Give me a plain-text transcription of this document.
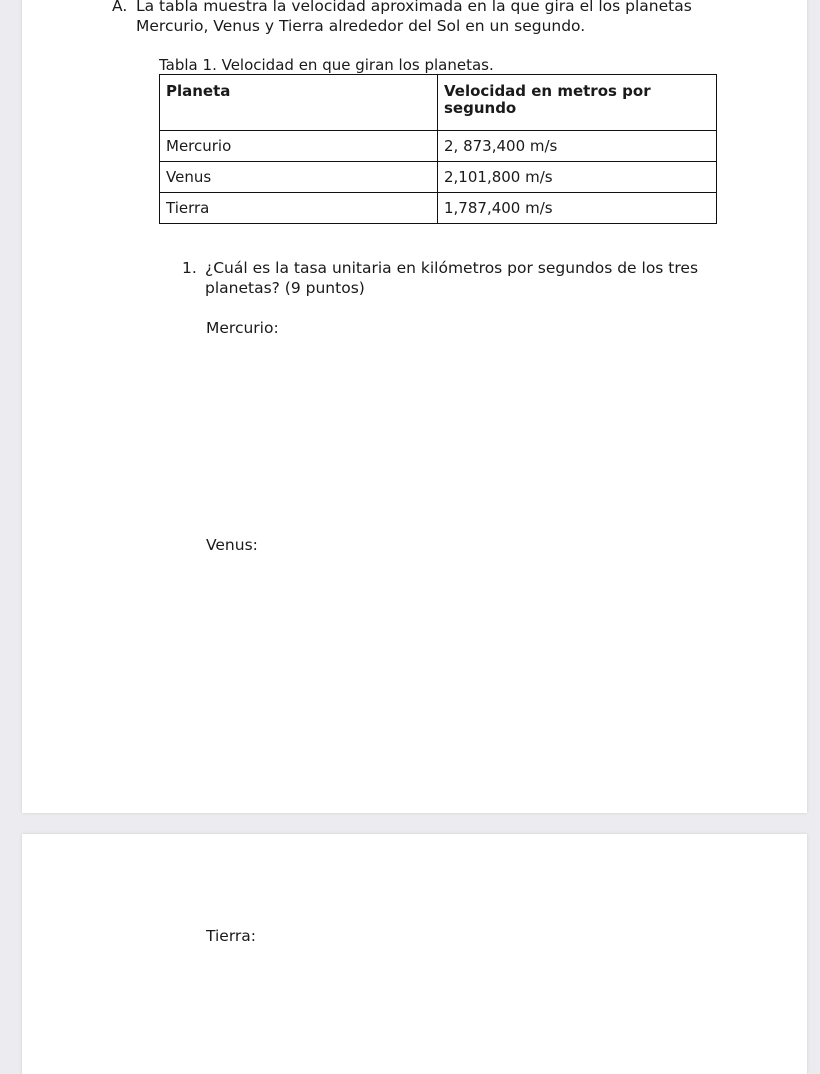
A. La tabla muestra la velocidad aproximada en la que gira el los planetas Mercurio, Venus y Tierra alrededor del Sol en un segundo.
Tabla 1. Velocidad en que giran los planetas.
Planeta	Velocidad en metros por segundo
Mercurio	2, 873,400 m/s
Venus	2,101,800 m/s
Tierra	1,787,400 m/s
1. ¿Cuál es la tasa unitaria en kilómetros por segundos de los tres planetas? (9 puntos)
Mercurio:
Venus:
Tierra:
